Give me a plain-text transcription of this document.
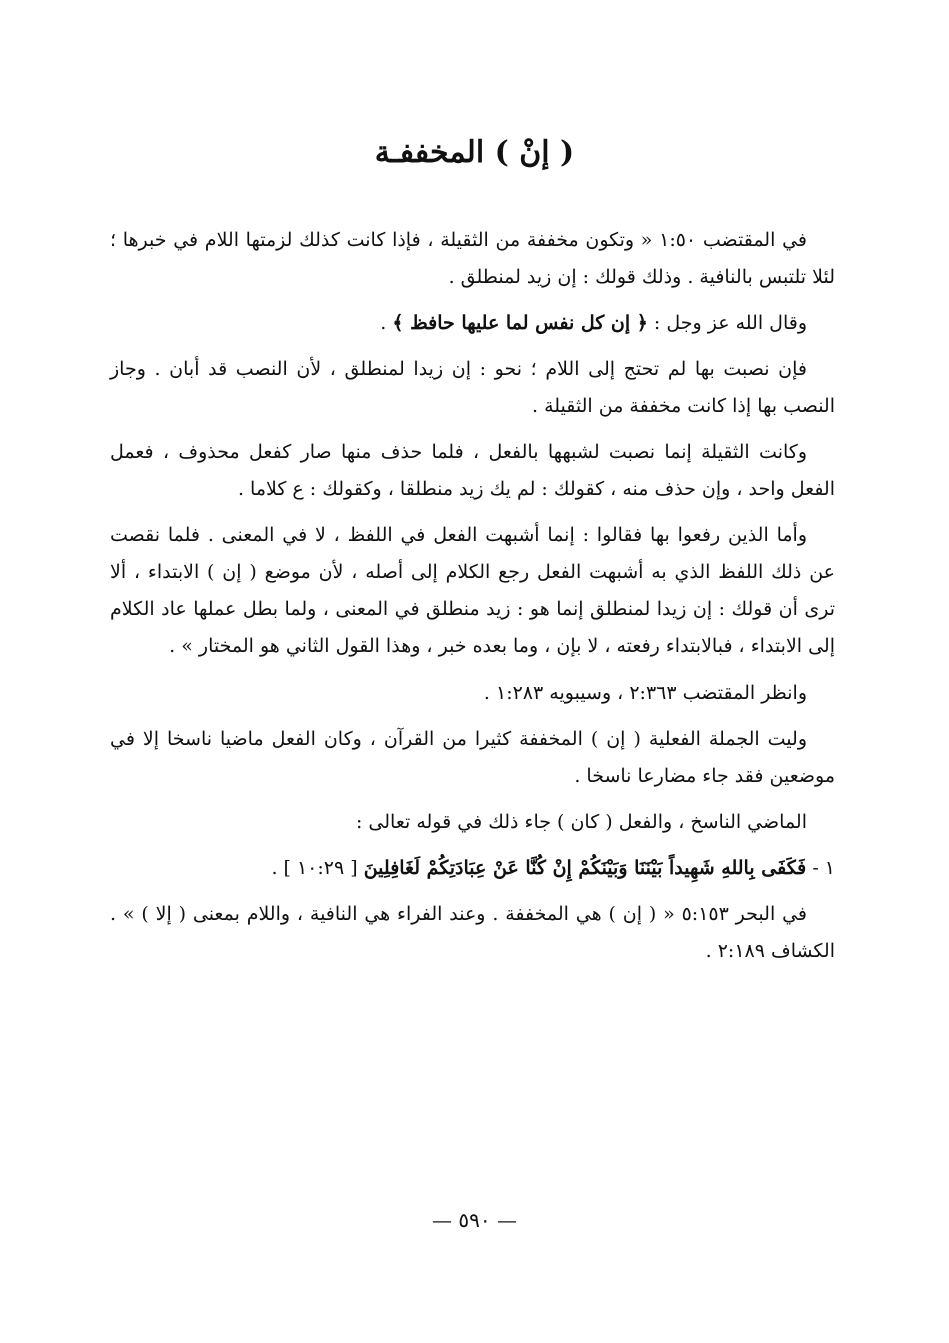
( إنْ ) المخففـة

في المقتضب ١:٥٠ « وتكون مخففة من الثقيلة ، فإذا كانت كذلك لزمتها اللام في خبرها ؛ لئلا تلتبس بالنافية . وذلك قولك : إن زيد لمنطلق .

وقال الله عز وجل : ﴿ إن كل نفس لما عليها حافظ ﴾ .

فإن نصبت بها لم تحتج إلى اللام ؛ نحو : إن زيدا لمنطلق ، لأن النصب قد أبان . وجاز النصب بها إذا كانت مخففة من الثقيلة .

وكانت الثقيلة إنما نصبت لشبهها بالفعل ، فلما حذف منها صار كفعل محذوف ، فعمل الفعل واحد ، وإن حذف منه ، كقولك : لم يك زيد منطلقا ، وكقولك : ع كلاما .

وأما الذين رفعوا بها فقالوا : إنما أشبهت الفعل في اللفظ ، لا في المعنى . فلما نقصت عن ذلك اللفظ الذي به أشبهت الفعل رجع الكلام إلى أصله ، لأن موضع ( إن ) الابتداء ، ألا ترى أن قولك : إن زيدا لمنطلق إنما هو : زيد منطلق في المعنى ، ولما بطل عملها عاد الكلام إلى الابتداء ، فبالابتداء رفعته ، لا بإن ، وما بعده خبر ، وهذا القول الثاني هو المختار » .

وانظر المقتضب ٢:٣٦٣ ، وسيبويه ١:٢٨٣ .

وليت الجملة الفعلية ( إن ) المخففة كثيرا من القرآن ، وكان الفعل ماضيا ناسخا إلا في موضعين فقد جاء مضارعا ناسخا .

الماضي الناسخ ، والفعل ( كان ) جاء ذلك في قوله تعالى :

١ - فَكَفَى بِاللهِ شَهِيداً بَيْنَنَا وَبَيْنَكُمْ إِنْ كُنَّا عَنْ عِبَادَتِكُمْ لَغَافِلِينَ [ ١٠:٢٩ ] .

في البحر ٥:١٥٣ « ( إن ) هي المخففة . وعند الفراء هي النافية ، واللام بمعنى ( إلا ) » . الكشاف ٢:١٨٩ .

— ٥٩٠ —
